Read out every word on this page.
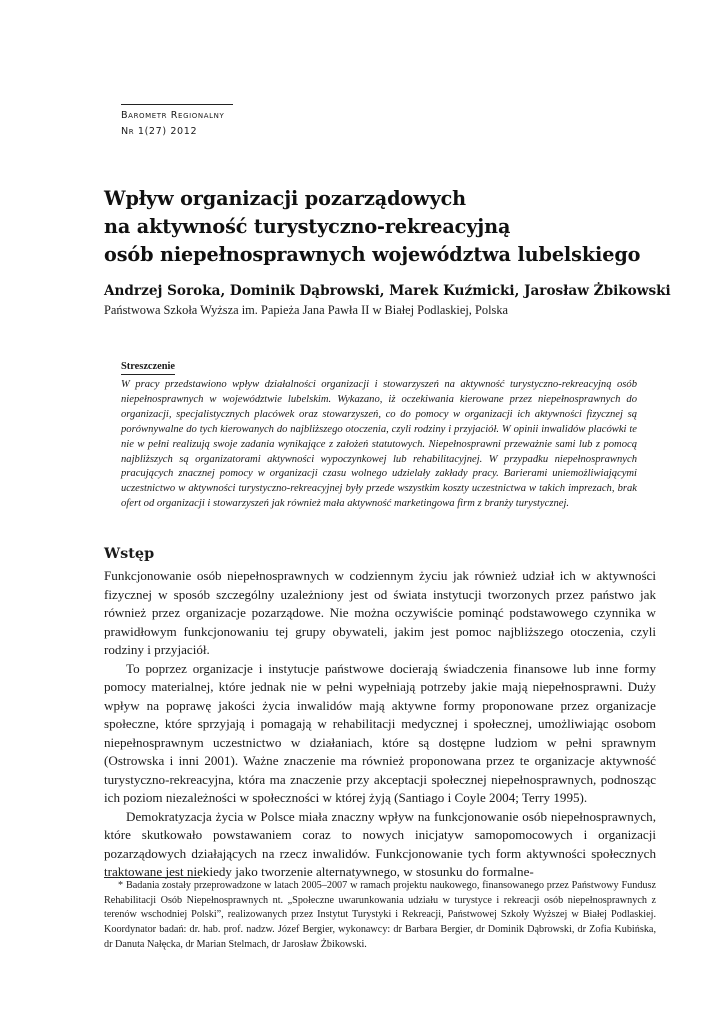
Barometr Regionalny
Nr 1(27) 2012
Wpływ organizacji pozarządowych
na aktywność turystyczno-rekreacyjną
osób niepełnosprawnych województwa lubelskiego
Andrzej Soroka, Dominik Dąbrowski, Marek Kuźmicki, Jarosław Żbikowski
Państwowa Szkoła Wyższa im. Papieża Jana Pawła II w Białej Podlaskiej, Polska
Streszczenie
W pracy przedstawiono wpływ działalności organizacji i stowarzyszeń na aktywność turystyczno-rekreacyjną osób niepełnosprawnych w województwie lubelskim. Wykazano, iż oczekiwania kierowane przez niepełnosprawnych do organizacji, specjalistycznych placówek oraz stowarzyszeń, co do pomocy w organizacji ich aktywności fizycznej są porównywalne do tych kierowanych do najbliższego otoczenia, czyli rodziny i przyjaciół. W opinii inwalidów placówki te nie w pełni realizują swoje zadania wynikające z założeń statutowych. Niepełnosprawni przeważnie sami lub z pomocą najbliższych są organizatorami aktywności wypoczynkowej lub rehabilitacyjnej. W przypadku niepełnosprawnych pracujących znacznej pomocy w organizacji czasu wolnego udzielały zakłady pracy. Barierami uniemożliwiającymi uczestnictwo w aktywności turystyczno-rekreacyjnej były przede wszystkim koszty uczestnictwa w takich imprezach, brak ofert od organizacji i stowarzyszeń jak również mała aktywność marketingowa firm z branży turystycznej.
Wstęp

Funkcjonowanie osób niepełnosprawnych w codziennym życiu jak również udział ich w aktywności fizycznej w sposób szczególny uzależniony jest od świata instytucji tworzonych przez państwo jak również przez organizacje pozarządowe. Nie można oczywiście pominąć podstawowego czynnika w prawidłowym funkcjonowaniu tej grupy obywateli, jakim jest pomoc najbliższego otoczenia, czyli rodziny i przyjaciół.

To poprzez organizacje i instytucje państwowe docierają świadczenia finansowe lub inne formy pomocy materialnej, które jednak nie w pełni wypełniają potrzeby jakie mają niepełnosprawni. Duży wpływ na poprawę jakości życia inwalidów mają aktywne formy proponowane przez organizacje społeczne, które sprzyjają i pomagają w rehabilitacji medycznej i społecznej, umożliwiając osobom niepełnosprawnym uczestnictwo w działaniach, które są dostępne ludziom w pełni sprawnym (Ostrowska i inni 2001). Ważne znaczenie ma również proponowana przez te organizacje aktywność turystyczno-rekreacyjna, która ma znaczenie przy akceptacji społecznej niepełnosprawnych, podnosząc ich poziom niezależności w społeczności w której żyją (Santiago i Coyle 2004; Terry 1995).

Demokratyzacja życia w Polsce miała znaczny wpływ na funkcjonowanie osób niepełnosprawnych, które skutkowało powstawaniem coraz to nowych inicjatyw samopomocowych i organizacji pozarządowych działających na rzecz inwalidów. Funkcjonowanie tych form aktywności społecznych traktowane jest niekiedy jako tworzenie alternatywnego, w stosunku do formalne-

* Badania zostały przeprowadzone w latach 2005–2007 w ramach projektu naukowego, finansowanego przez Państwowy Fundusz Rehabilitacji Osób Niepełnosprawnych nt. „Społeczne uwarunkowania udziału w turystyce i rekreacji osób niepełnosprawnych z terenów wschodniej Polski”, realizowanych przez Instytut Turystyki i Rekreacji, Państwowej Szkoły Wyższej w Białej Podlaskiej. Koordynator badań: dr. hab. prof. nadzw. Józef Bergier, wykonawcy: dr Barbara Bergier, dr Dominik Dąbrowski, dr Zofia Kubińska, dr Danuta Nałęcka, dr Marian Stelmach, dr Jarosław Żbikowski.
